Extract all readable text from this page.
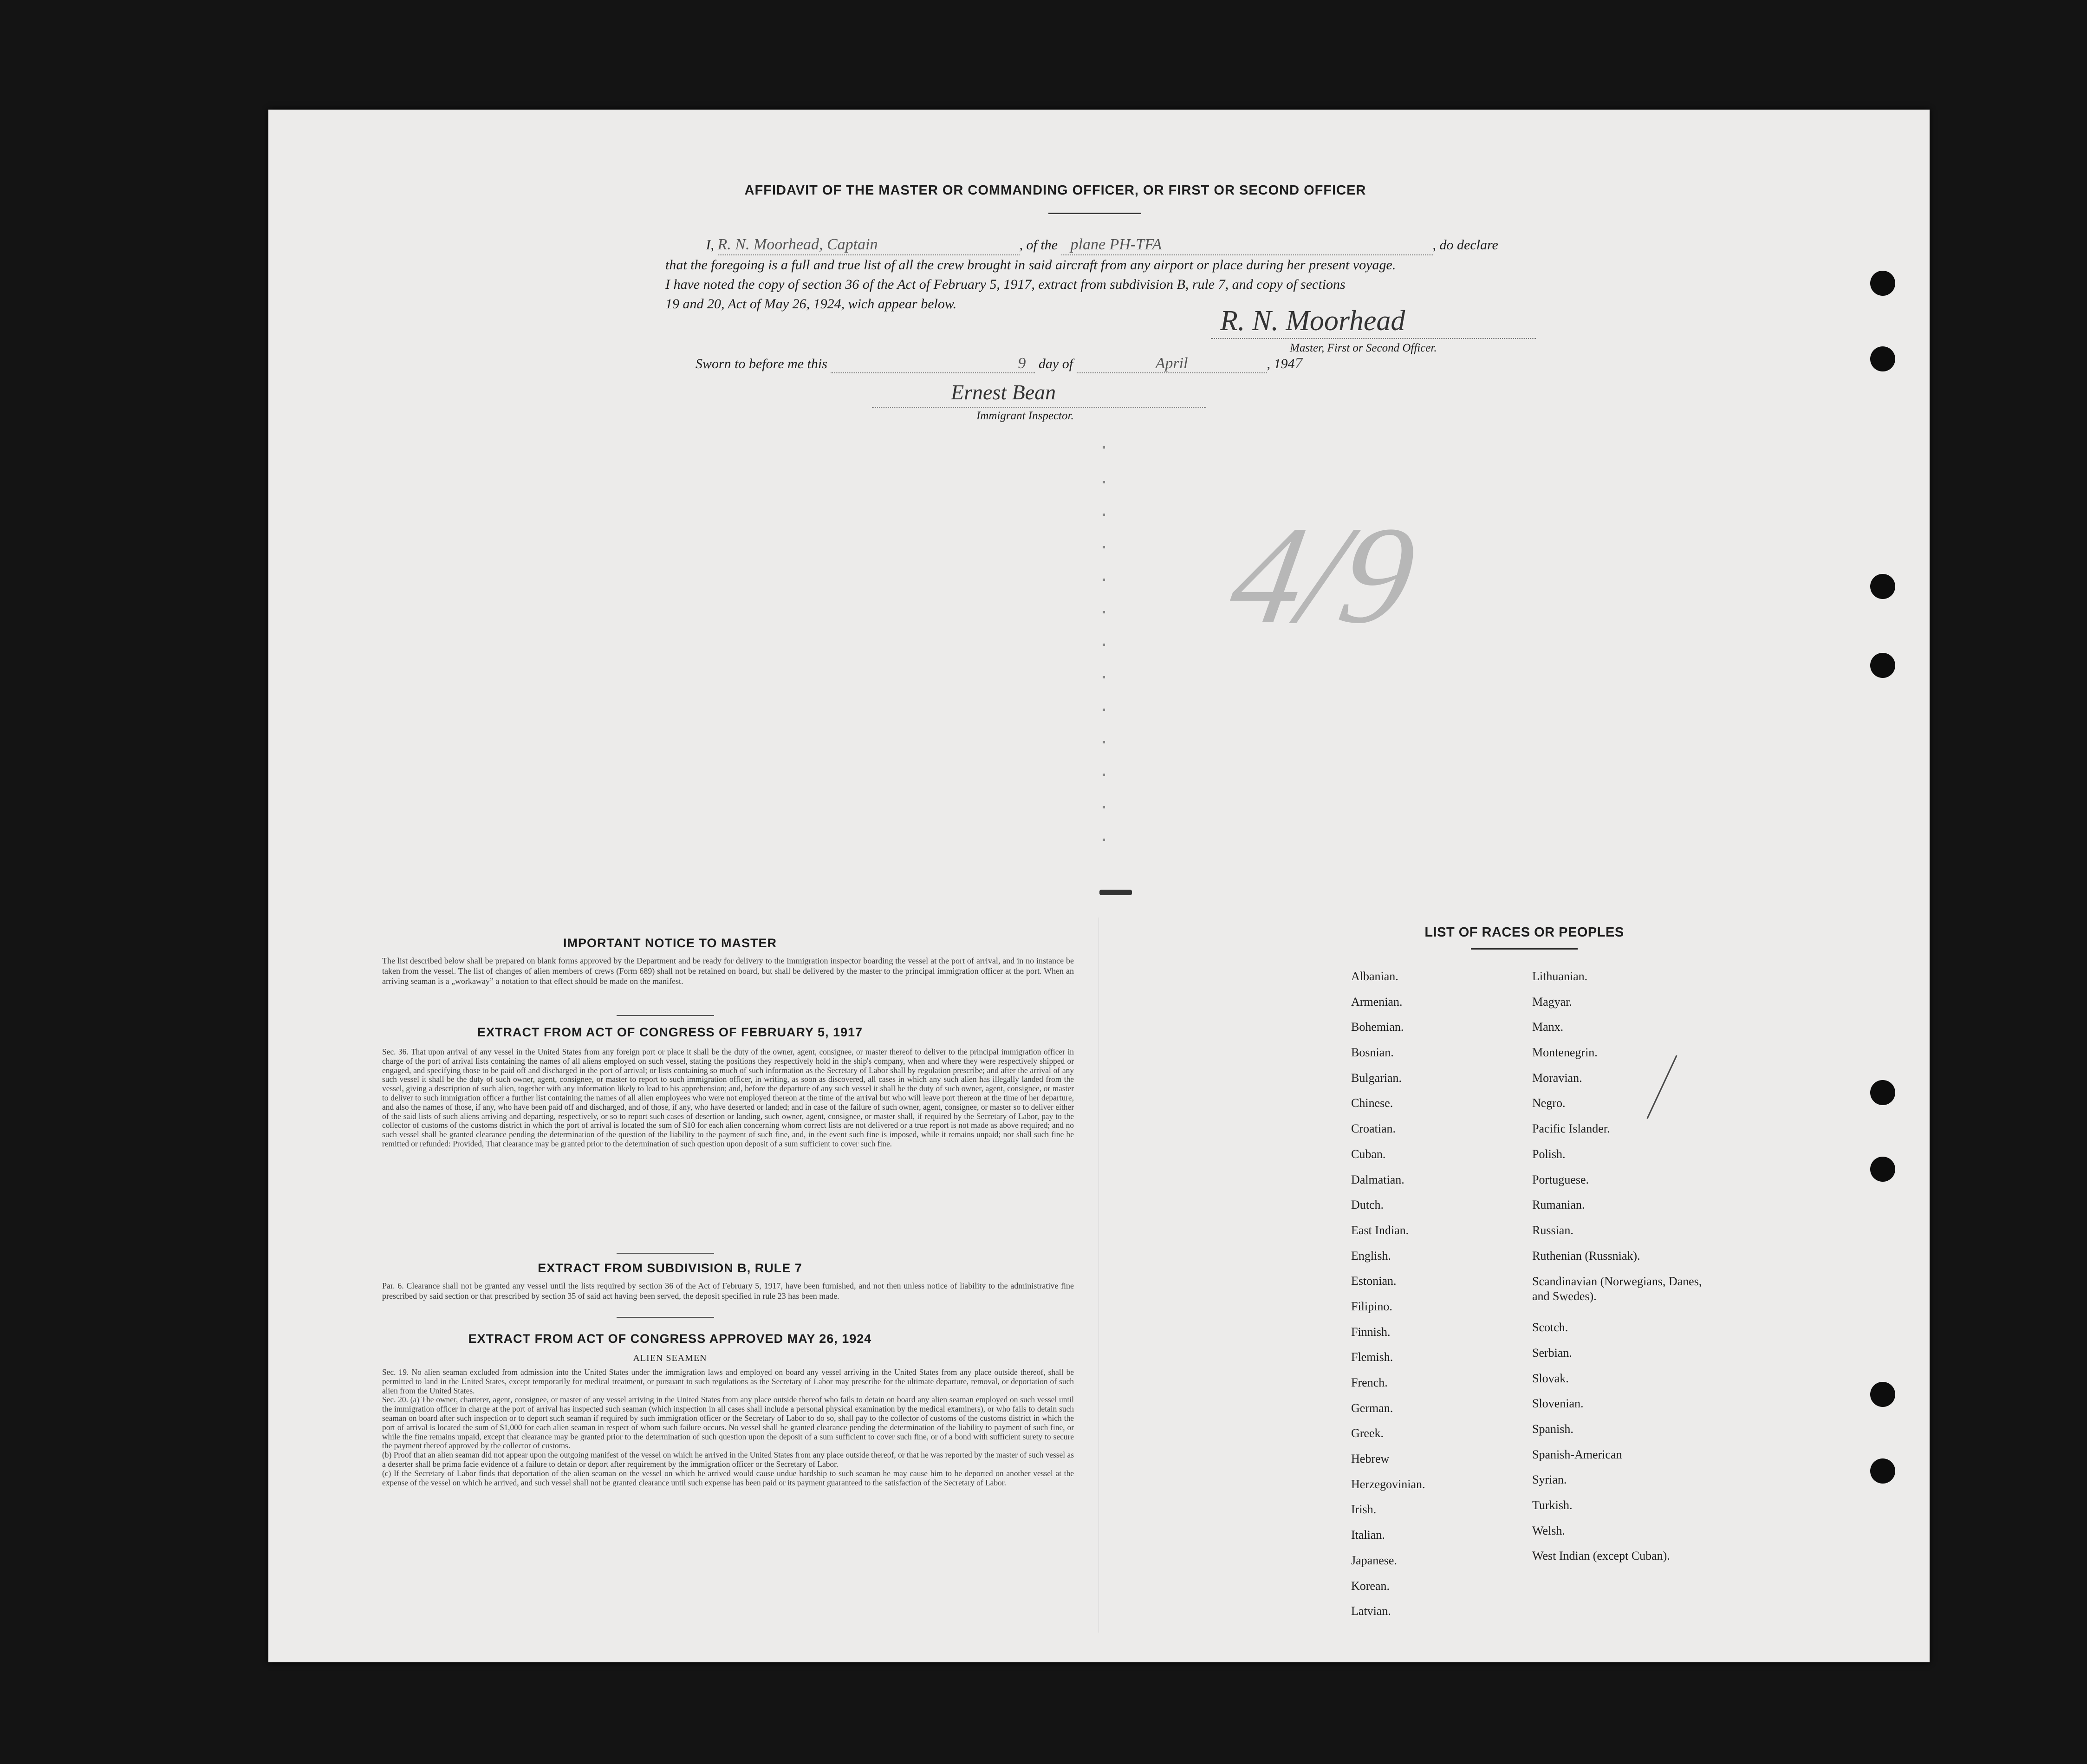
AFFIDAVIT OF THE MASTER OR COMMANDING OFFICER, OR FIRST OR SECOND OFFICER
I, R. N. Moorhead, Captain	, of the plane PH-TFA	, do declare
that the foregoing is a full and true list of all the crew brought in said aircraft from any airport or place during her present voyage.
I have noted the copy of section 36 of the Act of February 5, 1917, extract from subdivision B, rule 7, and copy of sections
19 and 20, Act of May 26, 1924, wich appear below.
R. N. Moorhead
Master, First or Second Officer.
Sworn to before me this	9 day of	April	, 1947
Ernest Bean
Immigrant Inspector.
4/9
IMPORTANT NOTICE TO MASTER
The list described below shall be prepared on blank forms approved by the Department and be ready for delivery to the immigration inspector boarding the vessel at the port of arrival, and in no instance be taken from the vessel. The list of changes of alien members of crews (Form 689) shall not be retained on board, but shall be delivered by the master to the principal immigration officer at the port. When an arriving seaman is a „workaway” a notation to that effect should be made on the manifest.
EXTRACT FROM ACT OF CONGRESS OF FEBRUARY 5, 1917
Sec. 36. That upon arrival of any vessel in the United States from any foreign port or place it shall be the duty of the owner, agent, consignee, or master thereof to deliver to the principal immigration officer in charge of the port of arrival lists containing the names of all aliens employed on such vessel, stating the positions they respectively hold in the ship's company, when and where they were respectively shipped or engaged, and specifying those to be paid off and discharged in the port of arrival; or lists containing so much of such information as the Secretary of Labor shall by regulation prescribe; and after the arrival of any such vessel it shall be the duty of such owner, agent, consignee, or master to report to such immigration officer, in writing, as soon as discovered, all cases in which any such alien has illegally landed from the vessel, giving a description of such alien, together with any information likely to lead to his apprehension; and, before the departure of any such vessel it shall be the duty of such owner, agent, consignee, or master to deliver to such immigration officer a further list containing the names of all alien employees who were not employed thereon at the time of the arrival but who will leave port thereon at the time of her departure, and also the names of those, if any, who have been paid off and discharged, and of those, if any, who have deserted or landed; and in case of the failure of such owner, agent, consignee, or master so to deliver either of the said lists of such aliens arriving and departing, respectively, or so to report such cases of desertion or landing, such owner, agent, consignee, or master shall, if required by the Secretary of Labor, pay to the collector of customs of the customs district in which the port of arrival is located the sum of $10 for each alien concerning whom correct lists are not delivered or a true report is not made as above required; and no such vessel shall be granted clearance pending the determination of the question of the liability to the payment of such fine, and, in the event such fine is imposed, while it remains unpaid; nor shall such fine be remitted or refunded: Provided, That clearance may be granted prior to the determination of such question upon deposit of a sum sufficient to cover such fine.
EXTRACT FROM SUBDIVISION B, RULE 7
Par. 6. Clearance shall not be granted any vessel until the lists required by section 36 of the Act of February 5, 1917, have been furnished, and not then unless notice of liability to the administrative fine prescribed by said section or that prescribed by section 35 of said act having been served, the deposit specified in rule 23 has been made.
EXTRACT FROM ACT OF CONGRESS APPROVED MAY 26, 1924
ALIEN SEAMEN
Sec. 19. No alien seaman excluded from admission into the United States under the immigration laws and employed on board any vessel arriving in the United States from any place outside thereof, shall be permitted to land in the United States, except temporarily for medical treatment, or pursuant to such regulations as the Secretary of Labor may prescribe for the ultimate departure, removal, or deportation of such alien from the United States.
Sec. 20. (a) The owner, charterer, agent, consignee, or master of any vessel arriving in the United States from any place outside thereof who fails to detain on board any alien seaman employed on such vessel until the immigration officer in charge at the port of arrival has inspected such seaman (which inspection in all cases shall include a personal physical examination by the medical examiners), or who fails to detain such seaman on board after such inspection or to deport such seaman if required by such immigration officer or the Secretary of Labor to do so, shall pay to the collector of customs of the customs district in which the port of arrival is located the sum of $1,000 for each alien seaman in respect of whom such failure occurs. No vessel shall be granted clearance pending the determination of the liability to payment of such fine, or while the fine remains unpaid, except that clearance may be granted prior to the determination of such question upon the deposit of a sum sufficient to cover such fine, or of a bond with sufficient surety to secure the payment thereof approved by the collector of customs.
(b) Proof that an alien seaman did not appear upon the outgoing manifest of the vessel on which he arrived in the United States from any place outside thereof, or that he was reported by the master of such vessel as a deserter shall be prima facie evidence of a failure to detain or deport after requirement by the immigration officer or the Secretary of Labor.
(c) If the Secretary of Labor finds that deportation of the alien seaman on the vessel on which he arrived would cause undue hardship to such seaman he may cause him to be deported on another vessel at the expense of the vessel on which he arrived, and such vessel shall not be granted clearance until such expense has been paid or its payment guaranteed to the satisfaction of the Secretary of Labor.
LIST OF RACES OR PEOPLES
Albanian.
Armenian.
Bohemian.
Bosnian.
Bulgarian.
Chinese.
Croatian.
Cuban.
Dalmatian.
Dutch.
East Indian.
English.
Estonian.
Filipino.
Finnish.
Flemish.
French.
German.
Greek.
Hebrew
Herzegovinian.
Irish.
Italian.
Japanese.
Korean.
Latvian.
Lithuanian.
Magyar.
Manx.
Montenegrin.
Moravian.
Negro.
Pacific Islander.
Polish.
Portuguese.
Rumanian.
Russian.
Ruthenian (Russniak).
Scandinavian (Norwegians, Danes, and Swedes).
Scotch.
Serbian.
Slovak.
Slovenian.
Spanish.
Spanish-American
Syrian.
Turkish.
Welsh.
West Indian (except Cuban).
